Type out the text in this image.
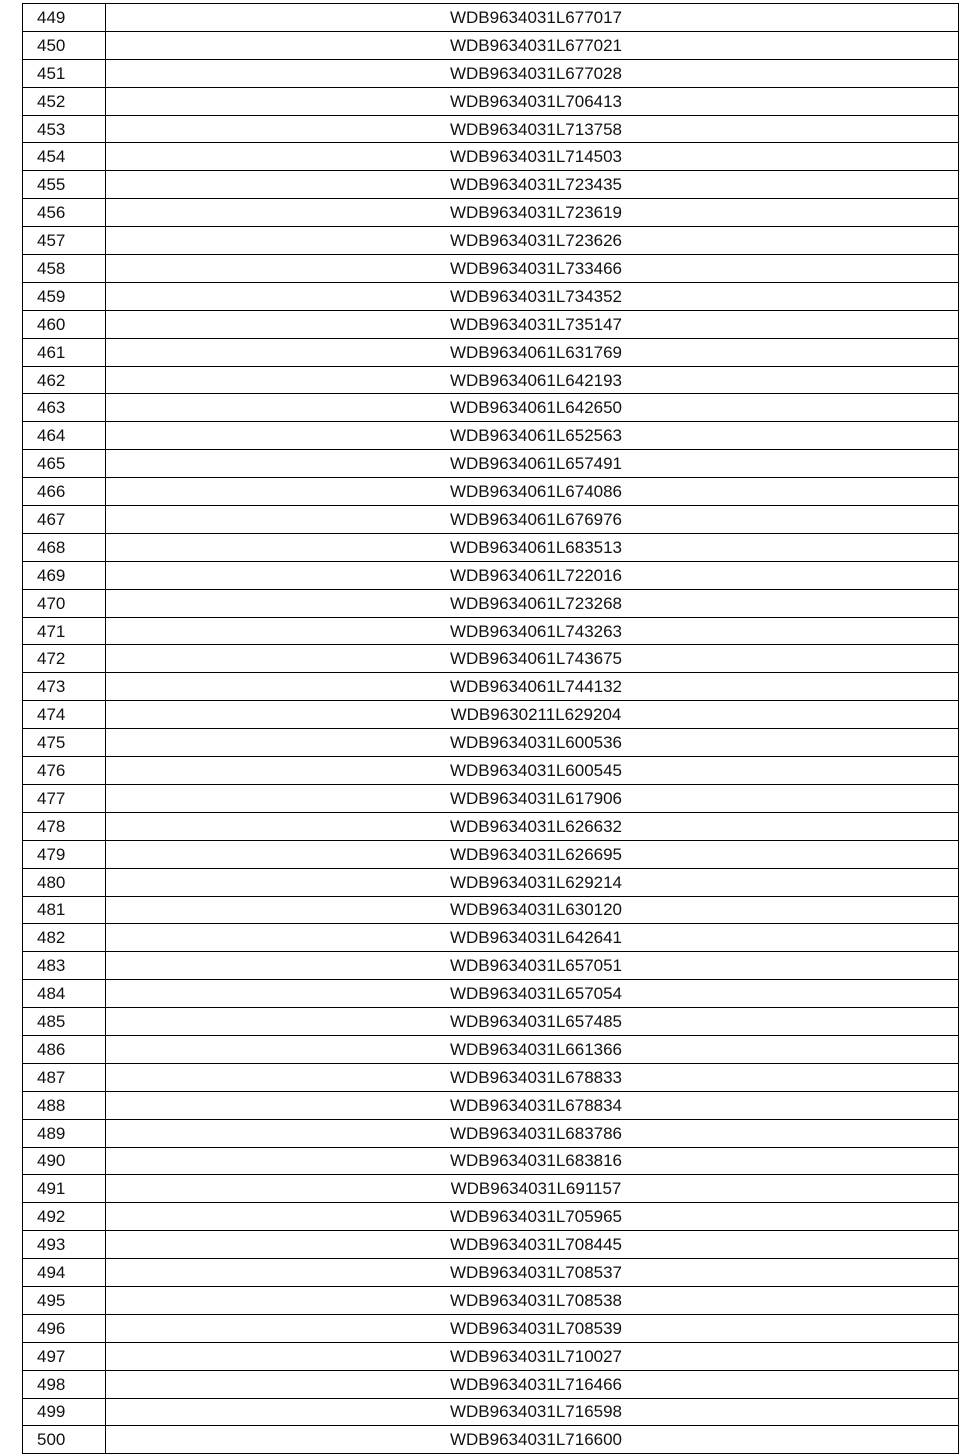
449	WDB9634031L677017
450	WDB9634031L677021
451	WDB9634031L677028
452	WDB9634031L706413
453	WDB9634031L713758
454	WDB9634031L714503
455	WDB9634031L723435
456	WDB9634031L723619
457	WDB9634031L723626
458	WDB9634031L733466
459	WDB9634031L734352
460	WDB9634031L735147
461	WDB9634061L631769
462	WDB9634061L642193
463	WDB9634061L642650
464	WDB9634061L652563
465	WDB9634061L657491
466	WDB9634061L674086
467	WDB9634061L676976
468	WDB9634061L683513
469	WDB9634061L722016
470	WDB9634061L723268
471	WDB9634061L743263
472	WDB9634061L743675
473	WDB9634061L744132
474	WDB9630211L629204
475	WDB9634031L600536
476	WDB9634031L600545
477	WDB9634031L617906
478	WDB9634031L626632
479	WDB9634031L626695
480	WDB9634031L629214
481	WDB9634031L630120
482	WDB9634031L642641
483	WDB9634031L657051
484	WDB9634031L657054
485	WDB9634031L657485
486	WDB9634031L661366
487	WDB9634031L678833
488	WDB9634031L678834
489	WDB9634031L683786
490	WDB9634031L683816
491	WDB9634031L691157
492	WDB9634031L705965
493	WDB9634031L708445
494	WDB9634031L708537
495	WDB9634031L708538
496	WDB9634031L708539
497	WDB9634031L710027
498	WDB9634031L716466
499	WDB9634031L716598
500	WDB9634031L716600
